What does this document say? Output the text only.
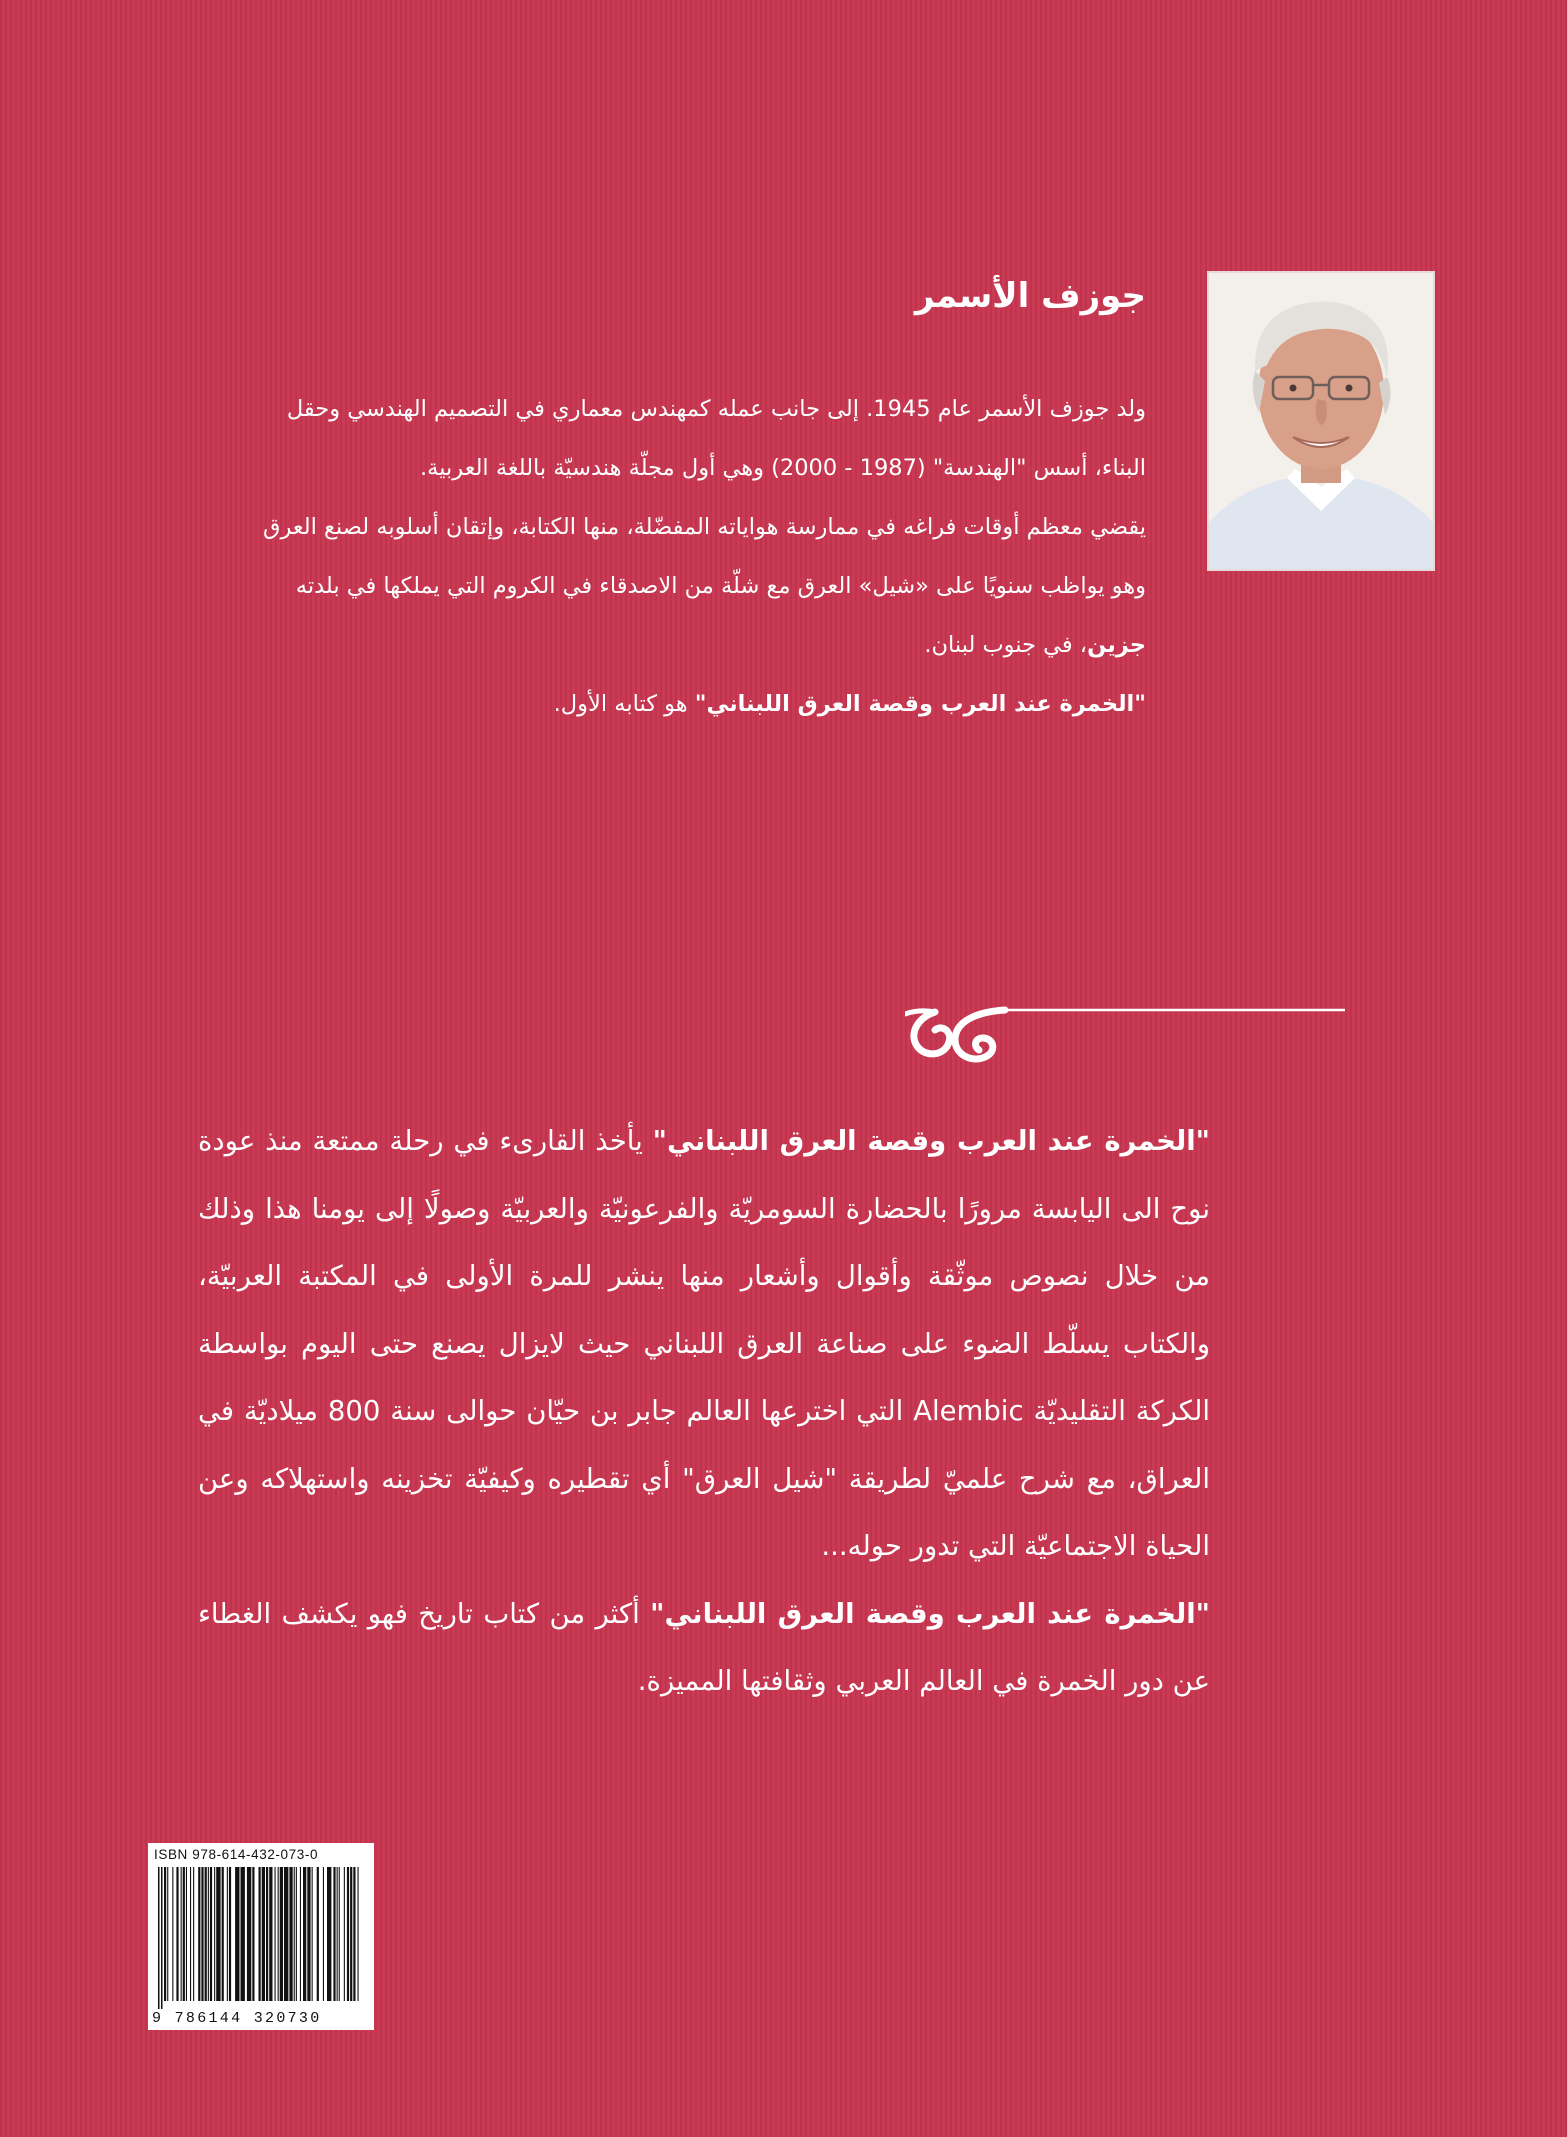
جوزف الأسمر

ولد جوزف الأسمر عام 1945. إلى جانب عمله كمهندس معماري في التصميم الهندسي وحقل

البناء، أسس "الهندسة" (1987 - 2000) وهي أول مجلّة هندسيّة باللغة العربية.

يقضي معظم أوقات فراغه في ممارسة هواياته المفضّلة، منها الكتابة، وإتقان أسلوبه لصنع العرق

وهو يواظب سنويًا على «شيل» العرق مع شلّة من الاصدقاء في الكروم التي يملكها في بلدته

جزين، في جنوب لبنان.

"الخمرة عند العرب وقصة العرق اللبناني" هو كتابه الأول.

"الخمرة عند العرب وقصة العرق اللبناني" يأخذ القارىء في رحلة ممتعة منذ عودة نوح الى اليابسة مرورًا بالحضارة السومريّة والفرعونيّة والعربيّة وصولًا إلى يومنا هذا وذلك من خلال نصوص موثّقة وأقوال وأشعار منها ينشر للمرة الأولى في المكتبة العربيّة، والكتاب يسلّط الضوء على صناعة العرق اللبناني حيث لايزال يصنع حتى اليوم بواسطة الكركة التقليديّة Alembic التي اخترعها العالم جابر بن حيّان حوالى سنة 800 ميلاديّة في العراق، مع شرح علميّ لطريقة "شيل العرق" أي تقطيره وكيفيّة تخزينه واستهلاكه وعن الحياة الاجتماعيّة التي تدور حوله...

"الخمرة عند العرب وقصة العرق اللبناني" أكثر من كتاب تاريخ فهو يكشف الغطاء عن دور الخمرة في العالم العربي وثقافتها المميزة.

ISBN 978-614-432-073-0
9 786144 320730
